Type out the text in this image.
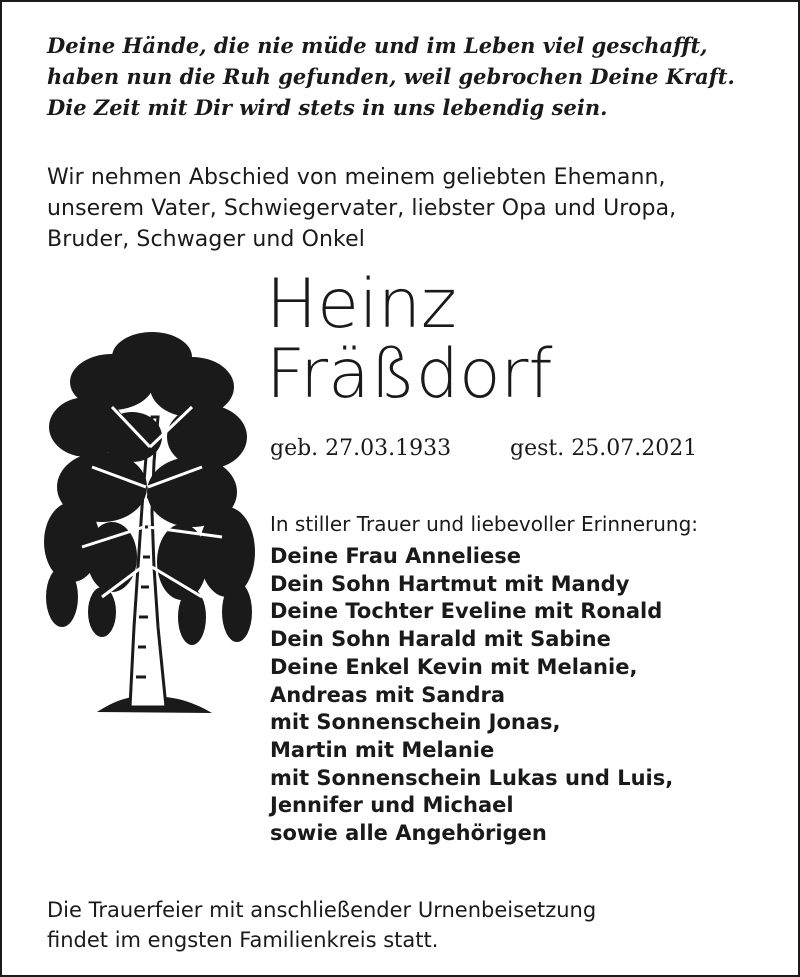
Deine Hände, die nie müde und im Leben viel geschafft,
haben nun die Ruh gefunden, weil gebrochen Deine Kraft.
Die Zeit mit Dir wird stets in uns lebendig sein.
Wir nehmen Abschied von meinem geliebten Ehemann,
unserem Vater, Schwiegervater, liebster Opa und Uropa,
Bruder, Schwager und Onkel
Heinz
Fräßdorf
geb. 27.03.1933	gest. 25.07.2021
In stiller Trauer und liebevoller Erinnerung:
Deine Frau Anneliese
Dein Sohn Hartmut mit Mandy
Deine Tochter Eveline mit Ronald
Dein Sohn Harald mit Sabine
Deine Enkel Kevin mit Melanie,
Andreas mit Sandra
mit Sonnenschein Jonas,
Martin mit Melanie
mit Sonnenschein Lukas und Luis,
Jennifer und Michael
sowie alle Angehörigen
Die Trauerfeier mit anschließender Urnenbeisetzung
findet im engsten Familienkreis statt.
